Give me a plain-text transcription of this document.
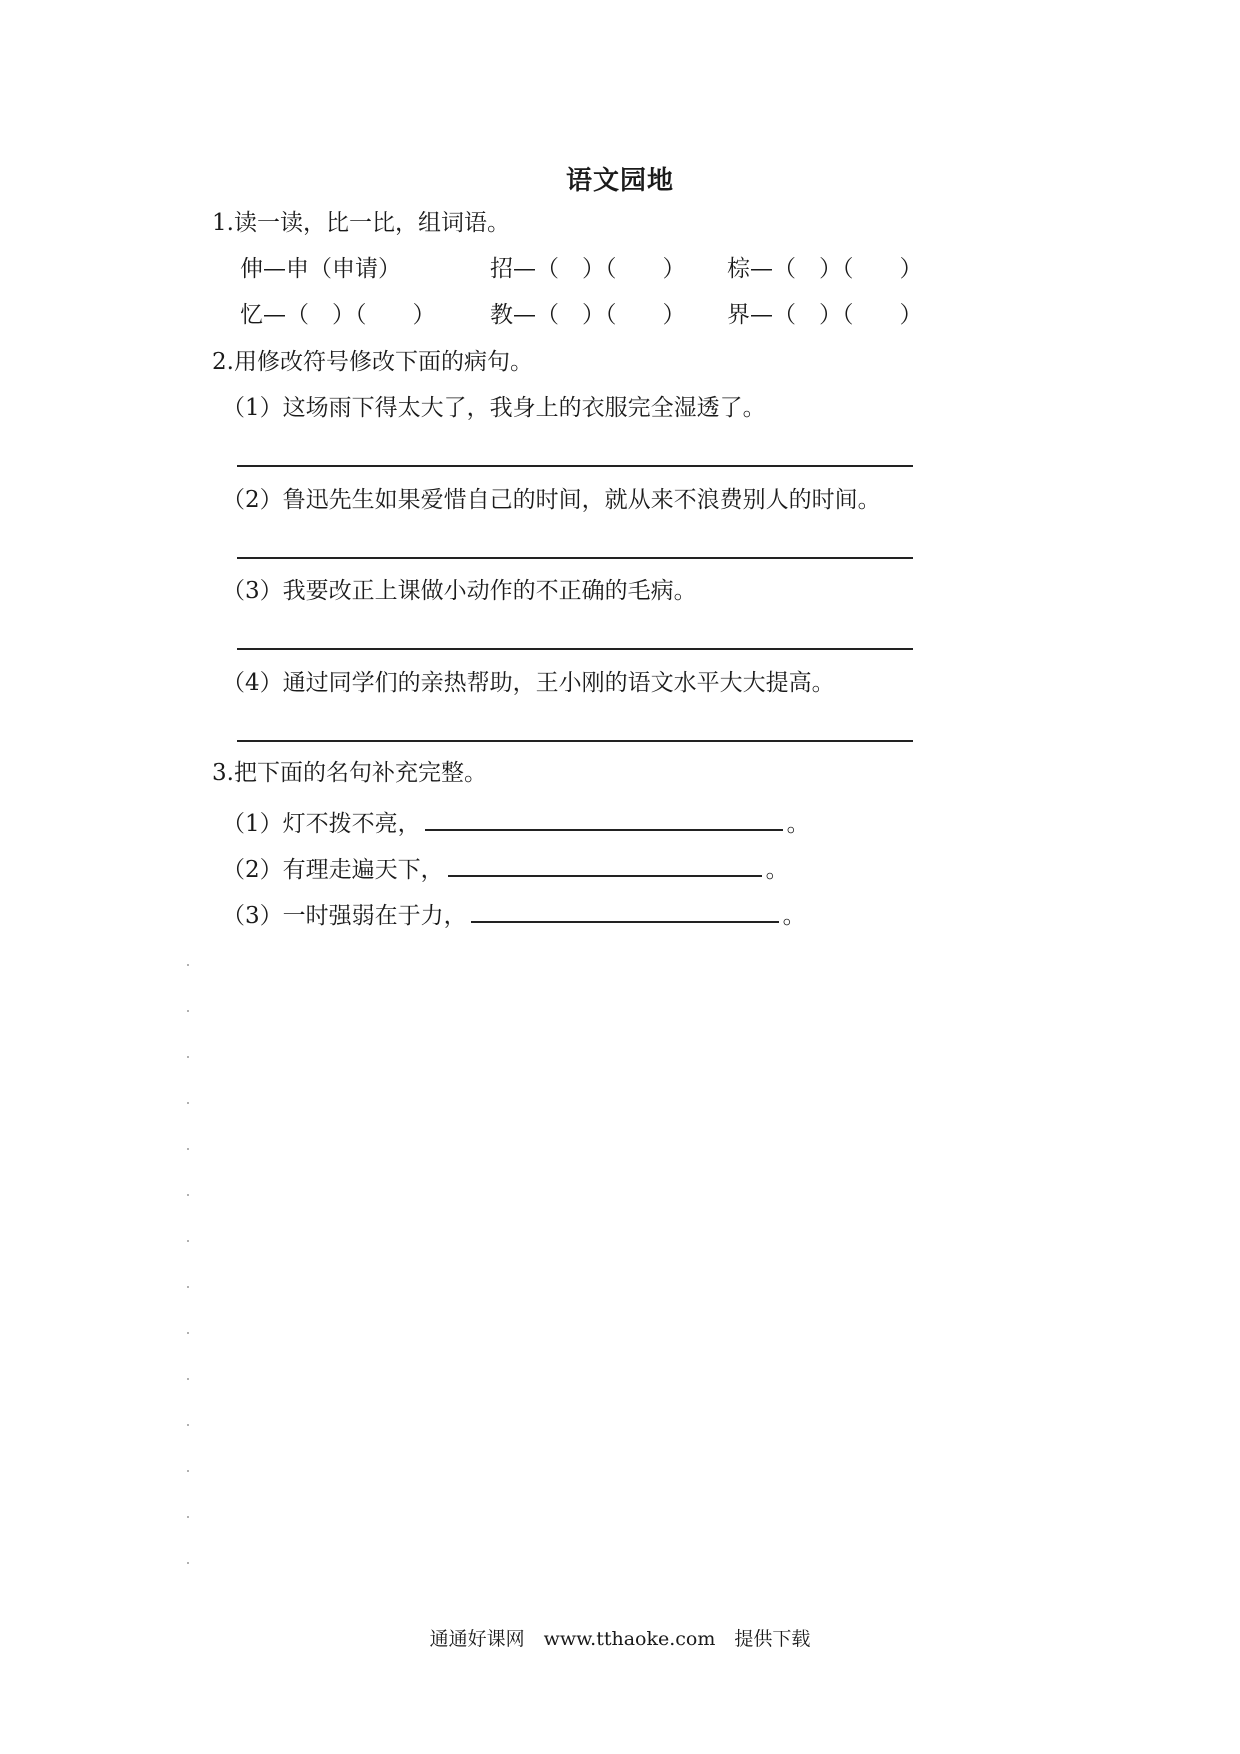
语文园地
1.读一读，比一比，组词语。
伸—申（申请）	招—（　）（　　） 棕—（　）（　　）
忆—（　）（　　） 教—（　）（　　） 界—（　）（　　）
2.用修改符号修改下面的病句。
（1）这场雨下得太大了，我身上的衣服完全湿透了。
（2）鲁迅先生如果爱惜自己的时间，就从来不浪费别人的时间。
（3）我要改正上课做小动作的不正确的毛病。
（4）通过同学们的亲热帮助，王小刚的语文水平大大提高。
3.把下面的名句补充完整。
（1）灯不拨不亮，	。
（2）有理走遍天下，	。
（3）一时强弱在于力，	。
通通好课网　www.tthaoke.com　提供下载
